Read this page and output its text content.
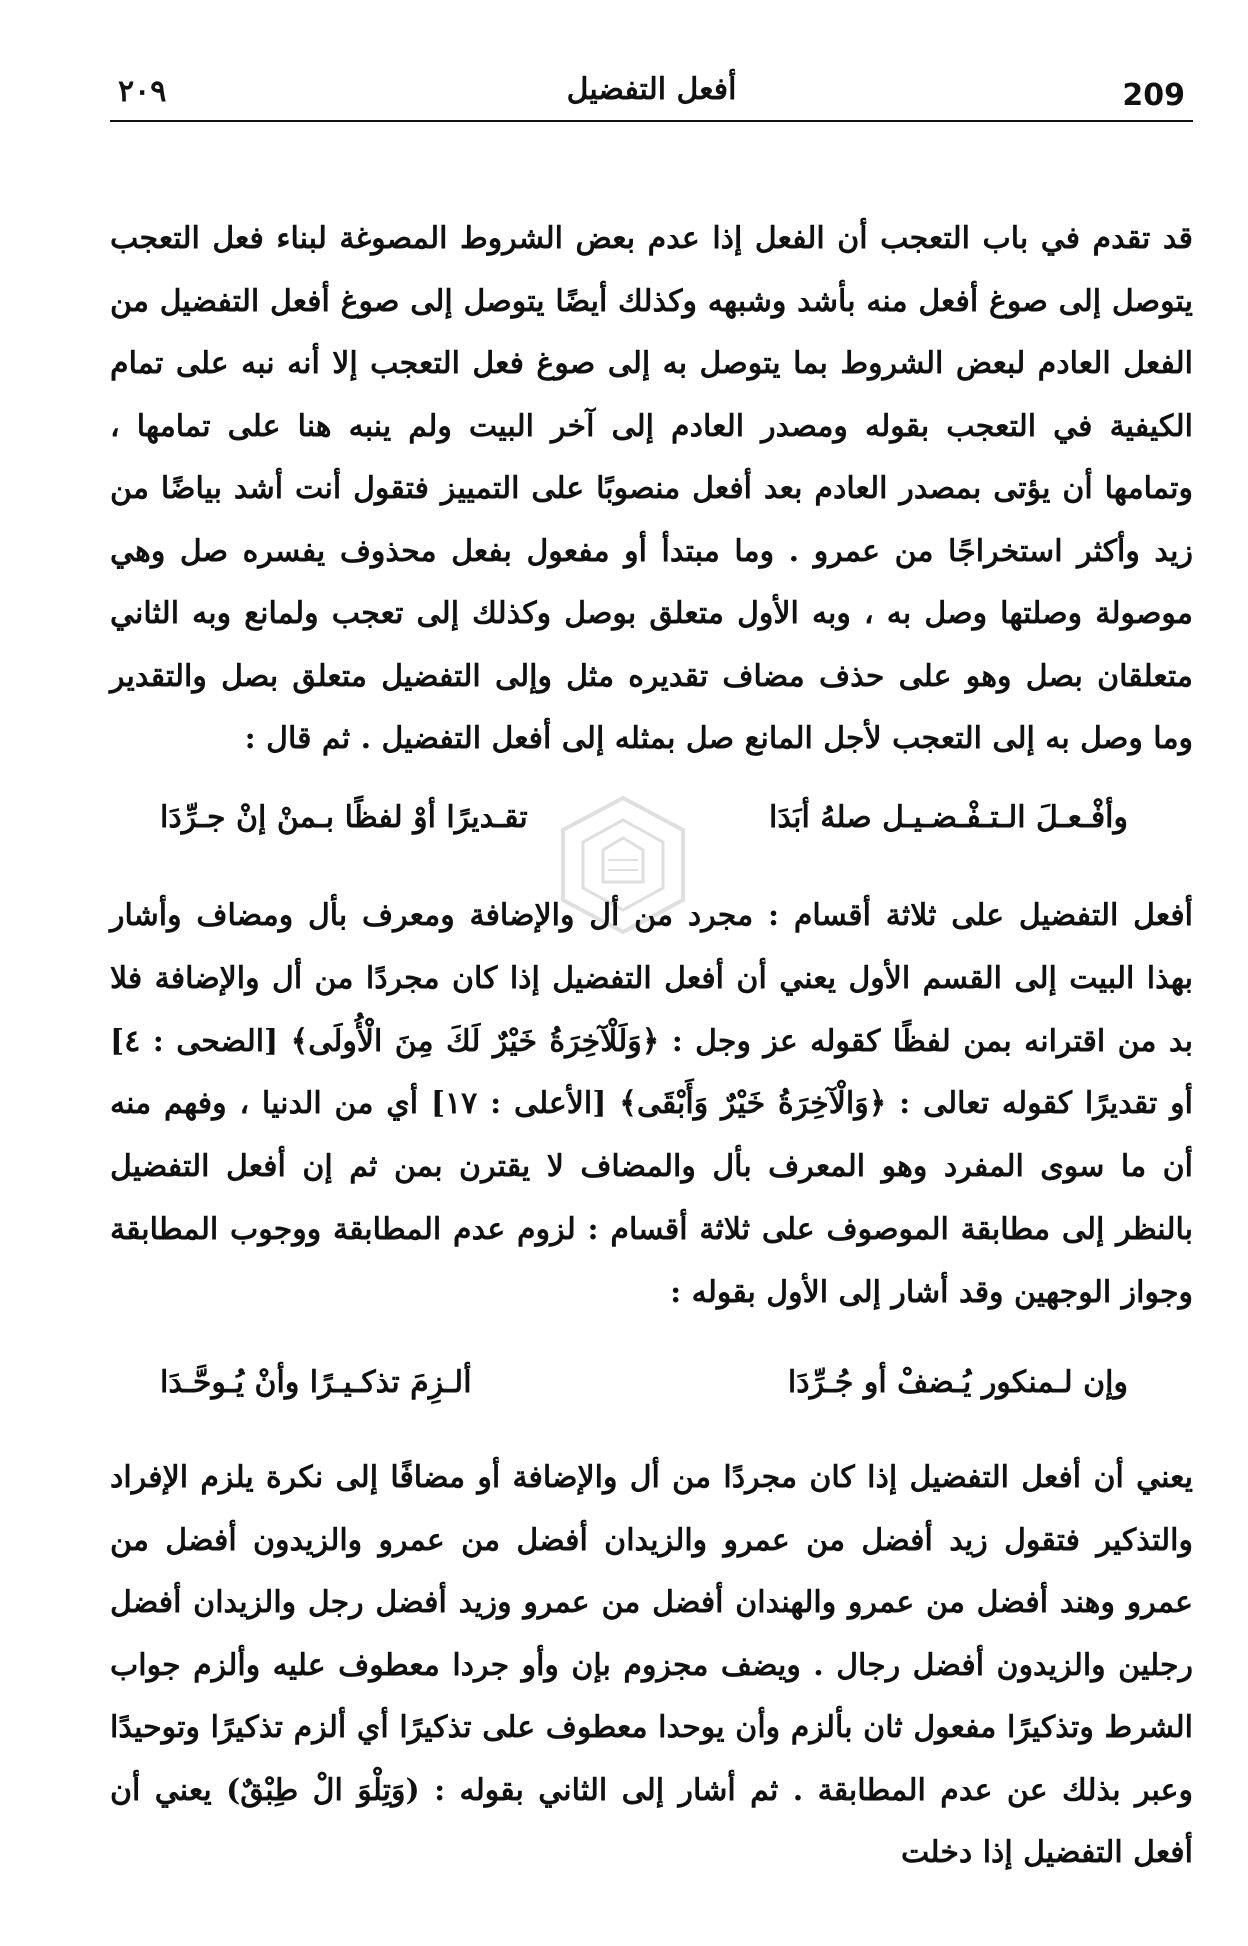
209
أفعل التفضيل
٢٠٩
قد تقدم في باب التعجب أن الفعل إذا عدم بعض الشروط المصوغة لبناء فعل التعجب يتوصل إلى صوغ أفعل منه بأشد وشبهه وكذلك أيضًا يتوصل إلى صوغ أفعل التفضيل من الفعل العادم لبعض الشروط بما يتوصل به إلى صوغ فعل التعجب إلا أنه نبه على تمام الكيفية في التعجب بقوله ومصدر العادم إلى آخر البيت ولم ينبه هنا على تمامها ، وتمامها أن يؤتى بمصدر العادم بعد أفعل منصوبًا على التمييز فتقول أنت أشد بياضًا من زيد وأكثر استخراجًا من عمرو . وما مبتدأ أو مفعول بفعل محذوف يفسره صل وهي موصولة وصلتها وصل به ، وبه الأول متعلق بوصل وكذلك إلى تعجب ولمانع وبه الثاني متعلقان بصل وهو على حذف مضاف تقديره مثل وإلى التفضيل متعلق بصل والتقدير وما وصل به إلى التعجب لأجل المانع صل بمثله إلى أفعل التفضيل . ثم قال :
وأفْـعـلَ الـتـفْـضـيـل صلهُ أبَدَا
تقـديرًا أوْ لفظًا بـمنْ إنْ جـرِّدَا
أفعل التفضيل على ثلاثة أقسام : مجرد من أل والإضافة ومعرف بأل ومضاف وأشار بهذا البيت إلى القسم الأول يعني أن أفعل التفضيل إذا كان مجردًا من أل والإضافة فلا بد من اقترانه بمن لفظًا كقوله عز وجل : ﴿وَلَلْآخِرَةُ خَيْرٌ لَكَ مِنَ الْأُولَى﴾ [الضحى : ٤] أو تقديرًا كقوله تعالى : ﴿وَالْآخِرَةُ خَيْرٌ وَأَبْقَى﴾ [الأعلى : ١٧] أي من الدنيا ، وفهم منه أن ما سوى المفرد وهو المعرف بأل والمضاف لا يقترن بمن ثم إن أفعل التفضيل بالنظر إلى مطابقة الموصوف على ثلاثة أقسام : لزوم عدم المطابقة ووجوب المطابقة وجواز الوجهين وقد أشار إلى الأول بقوله :
وإن لـمنكور يُـضفْ أو جُـرِّدَا
ألـزِمَ تذكـيـرًا وأنْ يُـوحَّـدَا
يعني أن أفعل التفضيل إذا كان مجردًا من أل والإضافة أو مضافًا إلى نكرة يلزم الإفراد والتذكير فتقول زيد أفضل من عمرو والزيدان أفضل من عمرو والزيدون أفضل من عمرو وهند أفضل من عمرو والهندان أفضل من عمرو وزيد أفضل رجل والزيدان أفضل رجلين والزيدون أفضل رجال . ويضف مجزوم بإن وأو جردا معطوف عليه وألزم جواب الشرط وتذكيرًا مفعول ثان بألزم وأن يوحدا معطوف على تذكيرًا أي ألزم تذكيرًا وتوحيدًا وعبر بذلك عن عدم المطابقة . ثم أشار إلى الثاني بقوله : (وَتِلْوَ الْ طِبْقٌ) يعني أن أفعل التفضيل إذا دخلت
